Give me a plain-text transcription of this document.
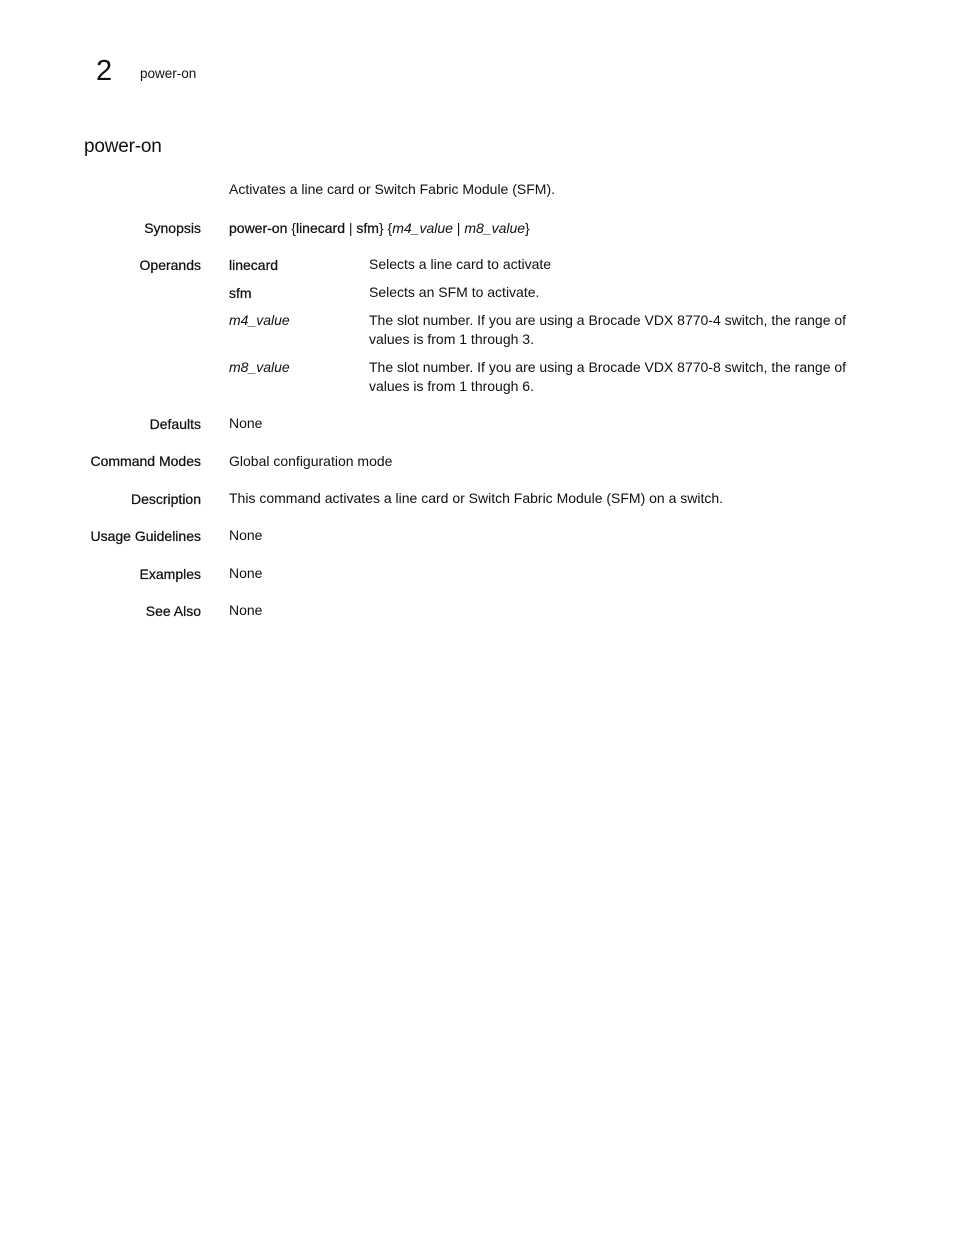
2 power-on
power-on
Activates a line card or Switch Fabric Module (SFM).
Synopsis power-on {linecard | sfm} {m4_value | m8_value}
Operands linecard	Selects a line card to activate
sfm	Selects an SFM to activate.
m4_value	The slot number. If you are using a Brocade VDX 8770-4 switch, the range of values is from 1 through 3.
m8_value	The slot number. If you are using a Brocade VDX 8770-8 switch, the range of values is from 1 through 6.
Defaults None
Command Modes Global configuration mode
Description This command activates a line card or Switch Fabric Module (SFM) on a switch.
Usage Guidelines None
Examples None
See Also None
